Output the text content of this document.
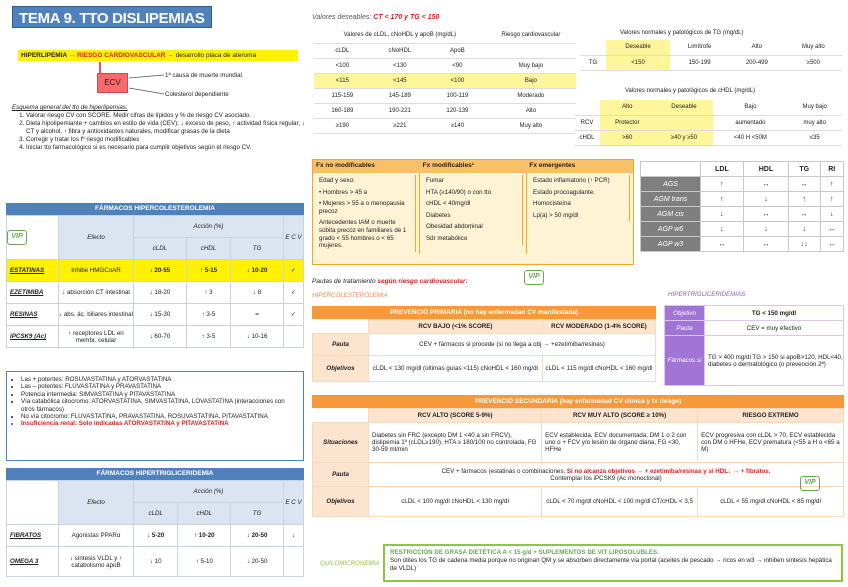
TEMA 9. TTO DISLIPEMIAS
HIPERLIPEMIA → RIESGO CARDIOVASCULAR → desarrollo placa de ateroma
ECV
1ª causa de muerte mundial
Colesterol dependiente
Esquema general del tto de hiperlipemias:
1. Valorar riesgo CV con SCORE. Medir cifras de lípidos y % de riesgo CV asociado.
2. Dieta hipolipemiante + cambios en estilo de vida (CEV): ↓ exceso de peso, ↑ actividad física regular, ↓ CT y alcohol, ↑ fibra y antioxidantes naturales, modificar grasas de la dieta
3. Corregir y tratar los fº riesgo modificables
4. Iniciar tto farmacológico si es necesario para cumplir objetivos según el riesgo CV.
FÁRMACOS HIPERCOLESTEROLEMIA
VIP	Efecto	Acción (%)			E C V
		cLDL	cHDL	TG	
ESTATINAS	Inhibe HMGCoAR	↓ 20-55	↑ 5-15	↓ 10-20	✓
EZETIMIBA	↓ absorción CT intestinal	↓ 18-20	↑ 3	↓ 8	✓
RESINAS	↓ abs. ác. biliares intestinal	↓ 15-30	↑ 3-5	=	✓
iPCSK9 (Ac)	↑ receptores LDL en membr. celular	↓ 60-70	↑ 3-5	↓ 10-16	
• Las + potentes: ROSUVASTATINA y ATORVASTATINA
• Las – potentes: FLUVASTATINA y PRAVASTATINA
• Potencia intermedia: SIMVASTATINA y PITAVASTATINA
• Vía catabólica citocromo: ATORVASTATINA, SIMVASTATINA, LOVASTATINA (interacciones con otros fármacos)
• No vía citocromo: FLUVASTATINA, PRAVASTATINA, ROSUVASTATINA, PITAVASTATINA
• Insuficiencia renal: Solo indicadas ATORVASTATINA y PITAVASTATINA
FÁRMACOS HIPERTRIGLICERIDEMIA
	Efecto	Acción (%)			E C V
		cLDL	cHDL	TG	
FIBRATOS	Agonistas PPARα	↓ 5-20	↑ 10-20	↓ 20-50	↓
OMEGA 3	↓ síntesis VLDL y ↑ catabolismo apoB	↓ 10	↑ 5-10	↓ 20-50	
Valores deseables: CT < 170 y TG < 150
Valores de cLDL, cNoHDL y apoB (mg/dL)			Riesgo cardiovascular
cLDL	cNoHDL	ApoB	
<100	<130	<90	Muy bajo
<115	<145	<100	Bajo
115-159	145-189	100-119	Moderado
160-189	190-221	120-139	Alto
≥190	≥221	≥140	Muy alto
Valores normales y patológicos de TG (mg/dL)
	Deseable	Limítrofe	Alto	Muy alto
TG	<150	150-199	200-499	≥500
Valores normales y patológicos de cHDL (mg/dL)
	Alto	Deseable	Bajo	Muy bajo
RCV	Protector		aumentado	muy alto
cHDL	>60	≥40 y ≥50	<40 H <50M	≤35
Fx no modificables	Fx modificables¹	Fx emergentes
Edad y sexo:
• Hombres > 45 a
• Mujeres > 55 a o menopausia precoz
Antecedentes IAM o muerte súbita precoz en familiares de 1 grado < 55 hombres o < 65 mujeres.
Fumar
HTA (≥140/90) o con tto
cHDL < 40mg/dl
Diabetes
Obesidad abdominal
Sdr metabólico
Estado inflamatorio (↑ PCR)
Estado procoagulante.
Homocisteína
Lp(a) > 50 mg/dl
	LDL	HDL	TG	RI
AGS	↑	↔	↔	↑
AGM trans	↑	↓	↑	↑
AGM cis	↓	↔	↔	↓
AGP w6	↓	↓	↓	↔
AGP w3	↔	↔	↓↓	↔
Pautas de tratamiento según riesgo cardiovascular:
HIPERCOLESTEROLEMIA	HIPERTRIGLICERIDEMIAS
PREVENCIÓ PRIMARIA (no hay enfermedad CV manifestada)
	RCV BAJO (<1% SCORE)	RCV MODERADO (1-4% SCORE)
Pauta	CEV + fármacos si procede (si no llega a obj → +ezetimiba/resinas)	
Objetivos	cLDL < 130 mg/dl (últimas guías <115) cNoHDL < 160 mg/dl	cLDL < 115 mg/dl cNoHDL < 160 mg/dl
Objetivo	TG < 150 mg/dl
Pauta	CEV = muy efectivo
Fármacos si	TG > 400 mg/dl TG > 150 si apoB>120, HDL<40, diabetes o dermatológico (o prevención 2ª)
PREVENCIÓ SECUNDARIA (hay enfermedad CV clínica y fx riesgo)
	RCV ALTO (SCORE 5-9%)	RCV MUY ALTO (SCORE ≥ 10%)	RIESGO EXTREMO
Situaciones	Diabetes sin FRC (excepto DM 1 <40 a sin FRCV), dislipemia 1ª (cLDL≥190), HTA ≥ 180/100 no controlada, FG 30-59 ml/min	ECV establecida, ECV documentada, DM 1 o 2 con uno o + FCV y/o lesión de órgano diana, FG <30, HFHe	ECV progresiva con cLDL > 70, ECV establecida con DM o HFHe, ECV prematura (<55 a H o <65 a M)
Pauta	CEV + fármacos (estatinas o combinaciones. Si no alcanza objetivos → + ezetimiba/resinas y si HDL↓ → + fibratos.
Contemplar los iPCSK9 (Ac monoclonal)		
Objetivos	cLDL < 100 mg/dl cNoHDL < 130 mg/dl	cLDL < 70 mg/dl cNoHDL < 100 mg/dl CT/cHDL < 3,5	cLDL < 55 mg/dl cNoHDL < 85 mg/dl
QUILOMICRONEMIA
RESTRICCIÓN DE GRASA DIETÉTICA A < 15 g/d + SUPLEMENTOS DE VIT LIPOSOLUBLES.
Son útiles los TG de cadena media porque no originan QM y se absorben directamente vía portal (aceites de pescado → ricos en w3 → inhiben síntesis hepática de VLDL)
VIP
VIP
